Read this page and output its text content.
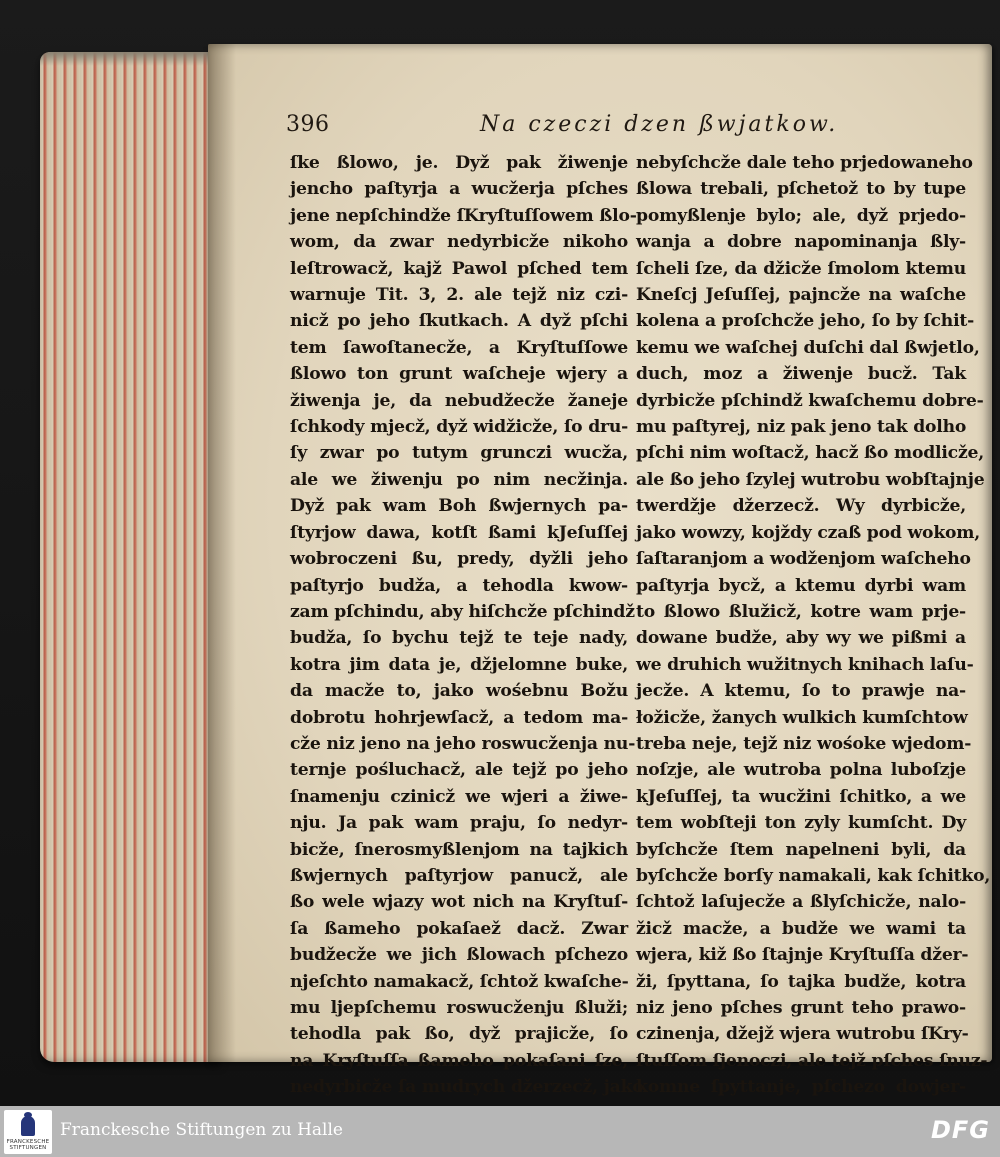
396	Na czeczi dzen ßwjatkow.
ſke ßlowo, je. Dyž pak žiwenje
jencho paſtyrja a wucžerja pſches
jene nepſchindže ſKryſtuſſowem ßlo-
wom, da zwar nedyrbicže nikoho
leſtrowacž, kajž Pawol pſched tem
warnuje Tit. 3, 2. ale tejž niz czi-
nicž po jeho ſkutkach. A dyž pſchi
tem ſawoſtanecže, a Kryſtuſſowe
ßlowo ton grunt waſcheje wjery a
žiwenja je, da nebudžecže žaneje
ſchkody mjecž, dyž widžicže, ſo dru-
ſy zwar po tutym grunczi wucža,
ale we žiwenju po nim necžinja.
Dyž pak wam Boh ßwjernych pa-
ſtyrjow dawa, kotſt ßami kJeſuſſej
wobroczeni ßu, predy, dyžli jeho
paſtyrjo budža, a tehodla kwow-
zam pſchindu, aby hiſchcže pſchindž
budža, ſo bychu tejž te teje nady,
kotra jim data je, džjelomne buke,
da macže to, jako wośebnu Božu
dobrotu hohrjewſacž, a tedom ma-
cže niz jeno na jeho roswucženja nu-
ternje pośluchacž, ale tejž po jeho
ſnamenju czinicž we wjeri a žiwe-
nju. Ja pak wam praju, ſo nedyr-
bicže, ſnerosmyßlenjom na tajkich
ßwjernych paſtyrjow panucž, ale
ßo wele wjazy wot nich na Kryſtuſ-
ſa ßameho pokaſaež dacž. Zwar
budžecže we jich ßlowach pſchezo
njeſchto namakacž, ſchtož kwaſche-
mu ljepſchemu roswucženju ßluži;
tehodla pak ßo, dyž prajicže, ſo
na Kryſtuſſa ßameho pokaſani ſze,
nedyrbicže ſa mudrych džerzecž, jako
nebyſchcže dale teho prjedowaneho
ßlowa trebali, pſchetož to by tupe
pomyßlenje bylo; ale, dyž prjedo-
wanja a dobre napominanja ßly-
ſcheli ſze, da džicže ſmolom ktemu
Kneſcj Jeſuſſej, pajncže na waſche
kolena a proſchcže jeho, ſo by ſchit-
kemu we waſchej duſchi dal ßwjetlo,
duch, moz a žiwenje bucž. Tak
dyrbicže pſchindž kwaſchemu dobre-
mu paſtyrej, niz pak jeno tak dolho
pſchi nim woſtacž, hacž ßo modlicže,
ale ßo jeho ſzylej wutrobu wobſtajnje
twerdžje džerzecž. Wy dyrbicže,
jako wowzy, kojždy czaß pod wokom,
ſaſtaranjom a wodženjom waſcheho
paſtyrja bycž, a ktemu dyrbi wam
to ßlowo ßlužicž, kotre wam prje-
dowane budže, aby wy we pißmi a
we druhich wužitnych knihach laſu-
jecže. A ktemu, ſo to prawje na-
łožicže, žanych wulkich kumſchtow
treba neje, tejž niz wośoke wjedom-
noſzje, ale wutroba polna luboſzje
kJeſuſſej, ta wucžini ſchitko, a we
tem wobſteji ton zyly kumſcht. Dy
byſchcže ſtem napelneni byli, da
byſchcže borſy namakali, kak ſchitko,
ſchtož laſujecže a ßlyſchicže, nalo-
žicž macže, a budže we wami ta
wjera, kiž ßo ſtajnje Kryſtuſſa džer-
ži, ſpyttana, ſo tajka budže, kotra
niz jeno pſches grunt teho prawo-
czinenja, džejž wjera wutrobu ſKry-
ſtuſſom ſjenoczi, ale tejž pſches ſnuz-
komne ſpyttanje, pſchezo dowjer-
FRANCKESCHE STIFTUNGEN
Franckesche Stiftungen zu Halle	DFG
